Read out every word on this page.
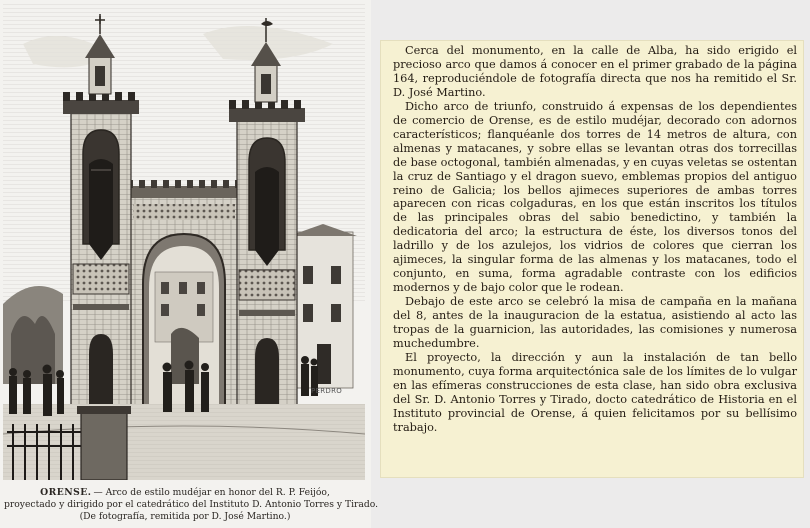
PERDRO
ORENSE. — Arco de estilo mudéjar en honor del R. P. Feijóo,
proyectado y dirigido por el catedrático del Instituto D. Antonio Torres y Tirado.
(De fotografía, remitida por D. José Martino.)

Cerca del monumento, en la calle de Alba, ha sido erigido el precioso arco que damos á conocer en el primer grabado de la página 164, reproduciéndole de fotografía directa que nos ha remitido el Sr. D. José Martino.

Dicho arco de triunfo, construido á expensas de los dependientes de comercio de Orense, es de estilo mudéjar, decorado con adornos característicos; flanquéanle dos torres de 14 metros de altura, con almenas y matacanes, y sobre ellas se levantan otras dos torrecillas de base octogonal, también almenadas, y en cuyas veletas se ostentan la cruz de Santiago y el dragon suevo, emblemas propios del antiguo reino de Galicia; los bellos ajimeces superiores de ambas torres aparecen con ricas colgaduras, en los que están inscritos los títulos de las principales obras del sabio benedictino, y también la dedicatoria del arco; la estructura de éste, los diversos tonos del ladrillo y de los azulejos, los vidrios de colores que cierran los ajimeces, la singular forma de las almenas y los matacanes, todo el conjunto, en suma, forma agradable contraste con los edificios modernos y de bajo color que le rodean.

Debajo de este arco se celebró la misa de campaña en la mañana del 8, antes de la inauguracion de la estatua, asistiendo al acto las tropas de la guarnicion, las autoridades, las comisiones y numerosa muchedumbre.

El proyecto, la dirección y aun la instalación de tan bello monumento, cuya forma arquitectónica sale de los límites de lo vulgar en las efímeras construcciones de esta clase, han sido obra exclusiva del Sr. D. Antonio Torres y Tirado, docto catedrático de Historia en el Instituto provincial de Orense, á quien felicitamos por su bellísimo trabajo.
